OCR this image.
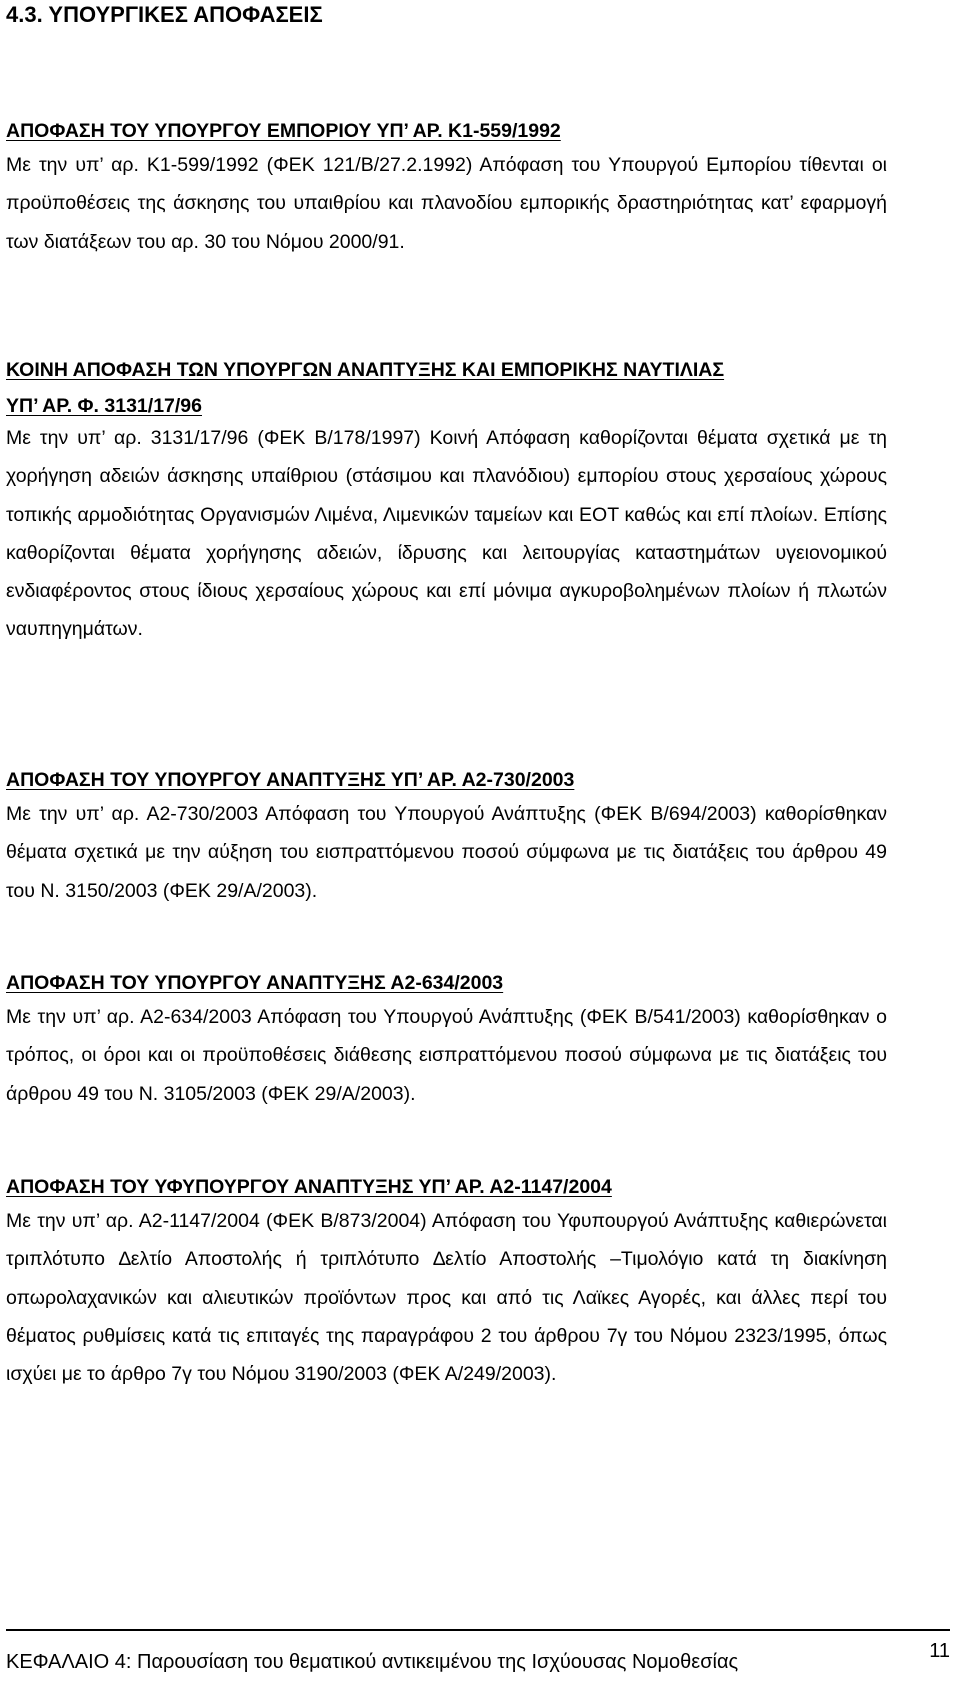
4.3. ΥΠΟΥΡΓΙΚΕΣ ΑΠΟΦΑΣΕΙΣ

ΑΠΟΦΑΣΗ ΤΟΥ ΥΠΟΥΡΓΟΥ ΕΜΠΟΡΙΟΥ ΥΠ’ ΑΡ. Κ1-559/1992

Με την υπ’ αρ. Κ1-599/1992 (ΦΕΚ 121/Β/27.2.1992) Απόφαση του Υπουργού Εμπορίου τίθενται οι προϋποθέσεις της άσκησης του υπαιθρίου και πλανοδίου εμπορικής δραστηριότητας κατ’ εφαρμογή των διατάξεων του αρ. 30 του Νόμου 2000/91.

ΚΟΙΝΗ ΑΠΟΦΑΣΗ ΤΩΝ ΥΠΟΥΡΓΩΝ ΑΝΑΠΤΥΞΗΣ ΚΑΙ ΕΜΠΟΡΙΚΗΣ ΝΑΥΤΙΛΙΑΣ
ΥΠ’ ΑΡ. Φ. 3131/17/96

Με την υπ’ αρ. 3131/17/96 (ΦΕΚ Β/178/1997) Κοινή Απόφαση καθορίζονται θέματα σχετικά με τη χορήγηση αδειών άσκησης υπαίθριου (στάσιμου και πλανόδιου) εμπορίου στους χερσαίους χώρους τοπικής αρμοδιότητας Οργανισμών Λιμένα, Λιμενικών ταμείων και ΕΟΤ καθώς και επί πλοίων. Επίσης καθορίζονται θέματα χορήγησης αδειών, ίδρυσης και λειτουργίας καταστημάτων υγειονομικού ενδιαφέροντος στους ίδιους χερσαίους χώρους και επί μόνιμα αγκυροβολημένων πλοίων ή πλωτών ναυπηγημάτων.

ΑΠΟΦΑΣΗ ΤΟΥ ΥΠΟΥΡΓΟΥ ΑΝΑΠΤΥΞΗΣ ΥΠ’ ΑΡ. Α2-730/2003

Με την υπ’ αρ. Α2-730/2003 Απόφαση του Υπουργού Ανάπτυξης (ΦΕΚ Β/694/2003) καθορίσθηκαν θέματα σχετικά με την αύξηση του εισπραττόμενου ποσού σύμφωνα με τις διατάξεις του άρθρου 49 του Ν. 3150/2003 (ΦΕΚ 29/Α/2003).

ΑΠΟΦΑΣΗ ΤΟΥ ΥΠΟΥΡΓΟΥ ΑΝΑΠΤΥΞΗΣ Α2-634/2003

Με την υπ’ αρ. Α2-634/2003 Απόφαση του Υπουργού Ανάπτυξης (ΦΕΚ Β/541/2003) καθορίσθηκαν ο τρόπος, οι όροι και οι προϋποθέσεις διάθεσης εισπραττόμενου ποσού σύμφωνα με τις διατάξεις του άρθρου 49 του Ν. 3105/2003 (ΦΕΚ 29/Α/2003).

ΑΠΟΦΑΣΗ ΤΟΥ ΥΦΥΠΟΥΡΓΟΥ ΑΝΑΠΤΥΞΗΣ ΥΠ’ ΑΡ. Α2-1147/2004

Με την υπ’ αρ. Α2-1147/2004 (ΦΕΚ Β/873/2004) Απόφαση του Υφυπουργού Ανάπτυξης καθιερώνεται τριπλότυπο ∆ελτίο Αποστολής ή τριπλότυπο ∆ελτίο Αποστολής –Τιμολόγιο κατά τη διακίνηση οπωρολαχανικών και αλιευτικών προϊόντων προς και από τις Λαϊκες Αγορές, και άλλες περί του θέματος ρυθμίσεις κατά τις επιταγές της παραγράφου 2 του άρθρου 7γ του Νόμου 2323/1995, όπως ισχύει με το άρθρο 7γ του Νόμου 3190/2003 (ΦΕΚ Α/249/2003).

ΚΕΦΑΛΑΙΟ 4: Παρουσίαση του θεματικού αντικειμένου της Ισχύουσας Νομοθεσίας	11
